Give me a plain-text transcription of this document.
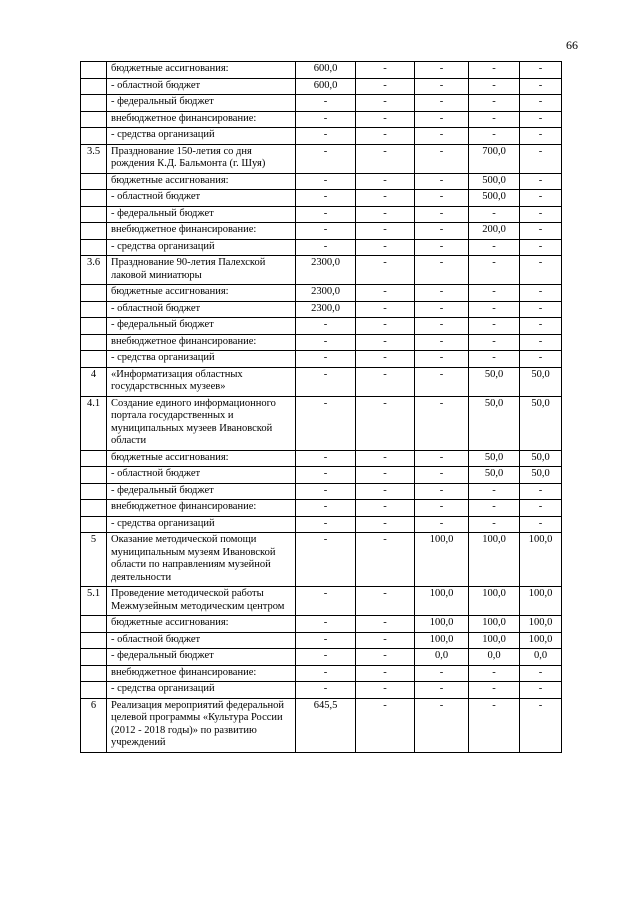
66
	бюджетные ассигнования:	600,0	-	-	-	-
	- областной бюджет	600,0	-	-	-	-
	- федеральный бюджет	-	-	-	-	-
	внебюджетное финансирование:	-	-	-	-	-
	- средства организаций	-	-	-	-	-
3.5	Празднование 150-летия со дня рождения К.Д. Бальмонта (г. Шуя)	-	-	-	700,0	-
	бюджетные ассигнования:	-	-	-	500,0	-
	- областной бюджет	-	-	-	500,0	-
	- федеральный бюджет	-	-	-	-	-
	внебюджетное финансирование:	-	-	-	200,0	-
	- средства организаций	-	-	-	-	-
3.6	Празднование 90-летия Палехской лаковой миниатюры	2300,0	-	-	-	-
	бюджетные ассигнования:	2300,0	-	-	-	-
	- областной бюджет	2300,0	-	-	-	-
	- федеральный бюджет	-	-	-	-	-
	внебюджетное финансирование:	-	-	-	-	-
	- средства организаций	-	-	-	-	-
4	«Информатизация областных государствснных музеев»	-	-	-	50,0	50,0
4.1	Создание единого информационного портала государственных и муниципальных музеев Ивановской области	-	-	-	50,0	50,0
	бюджетные ассигнования:	-	-	-	50,0	50,0
	- областной бюджет	-	-	-	50,0	50,0
	- федеральный бюджет	-	-	-	-	-
	внебюджетное финансирование:	-	-	-	-	-
	- средства организаций	-	-	-	-	-
5	Оказание методической помощи муниципальным музеям Ивановской области по направлениям музейной деятельности	-	-	100,0	100,0	100,0
5.1	Проведение методической работы Межмузейным методическим центром	-	-	100,0	100,0	100,0
	бюджетные ассигнования:	-	-	100,0	100,0	100,0
	- областной бюджет	-	-	100,0	100,0	100,0
	- федеральный бюджет	-	-	0,0	0,0	0,0
	внебюджетное финансирование:	-	-	-	-	-
	- средства организаций	-	-	-	-	-
6	Реализация мероприятий федеральной целевой программы «Культура России (2012 - 2018 годы)» по развитию учреждений	645,5	-	-	-	-
